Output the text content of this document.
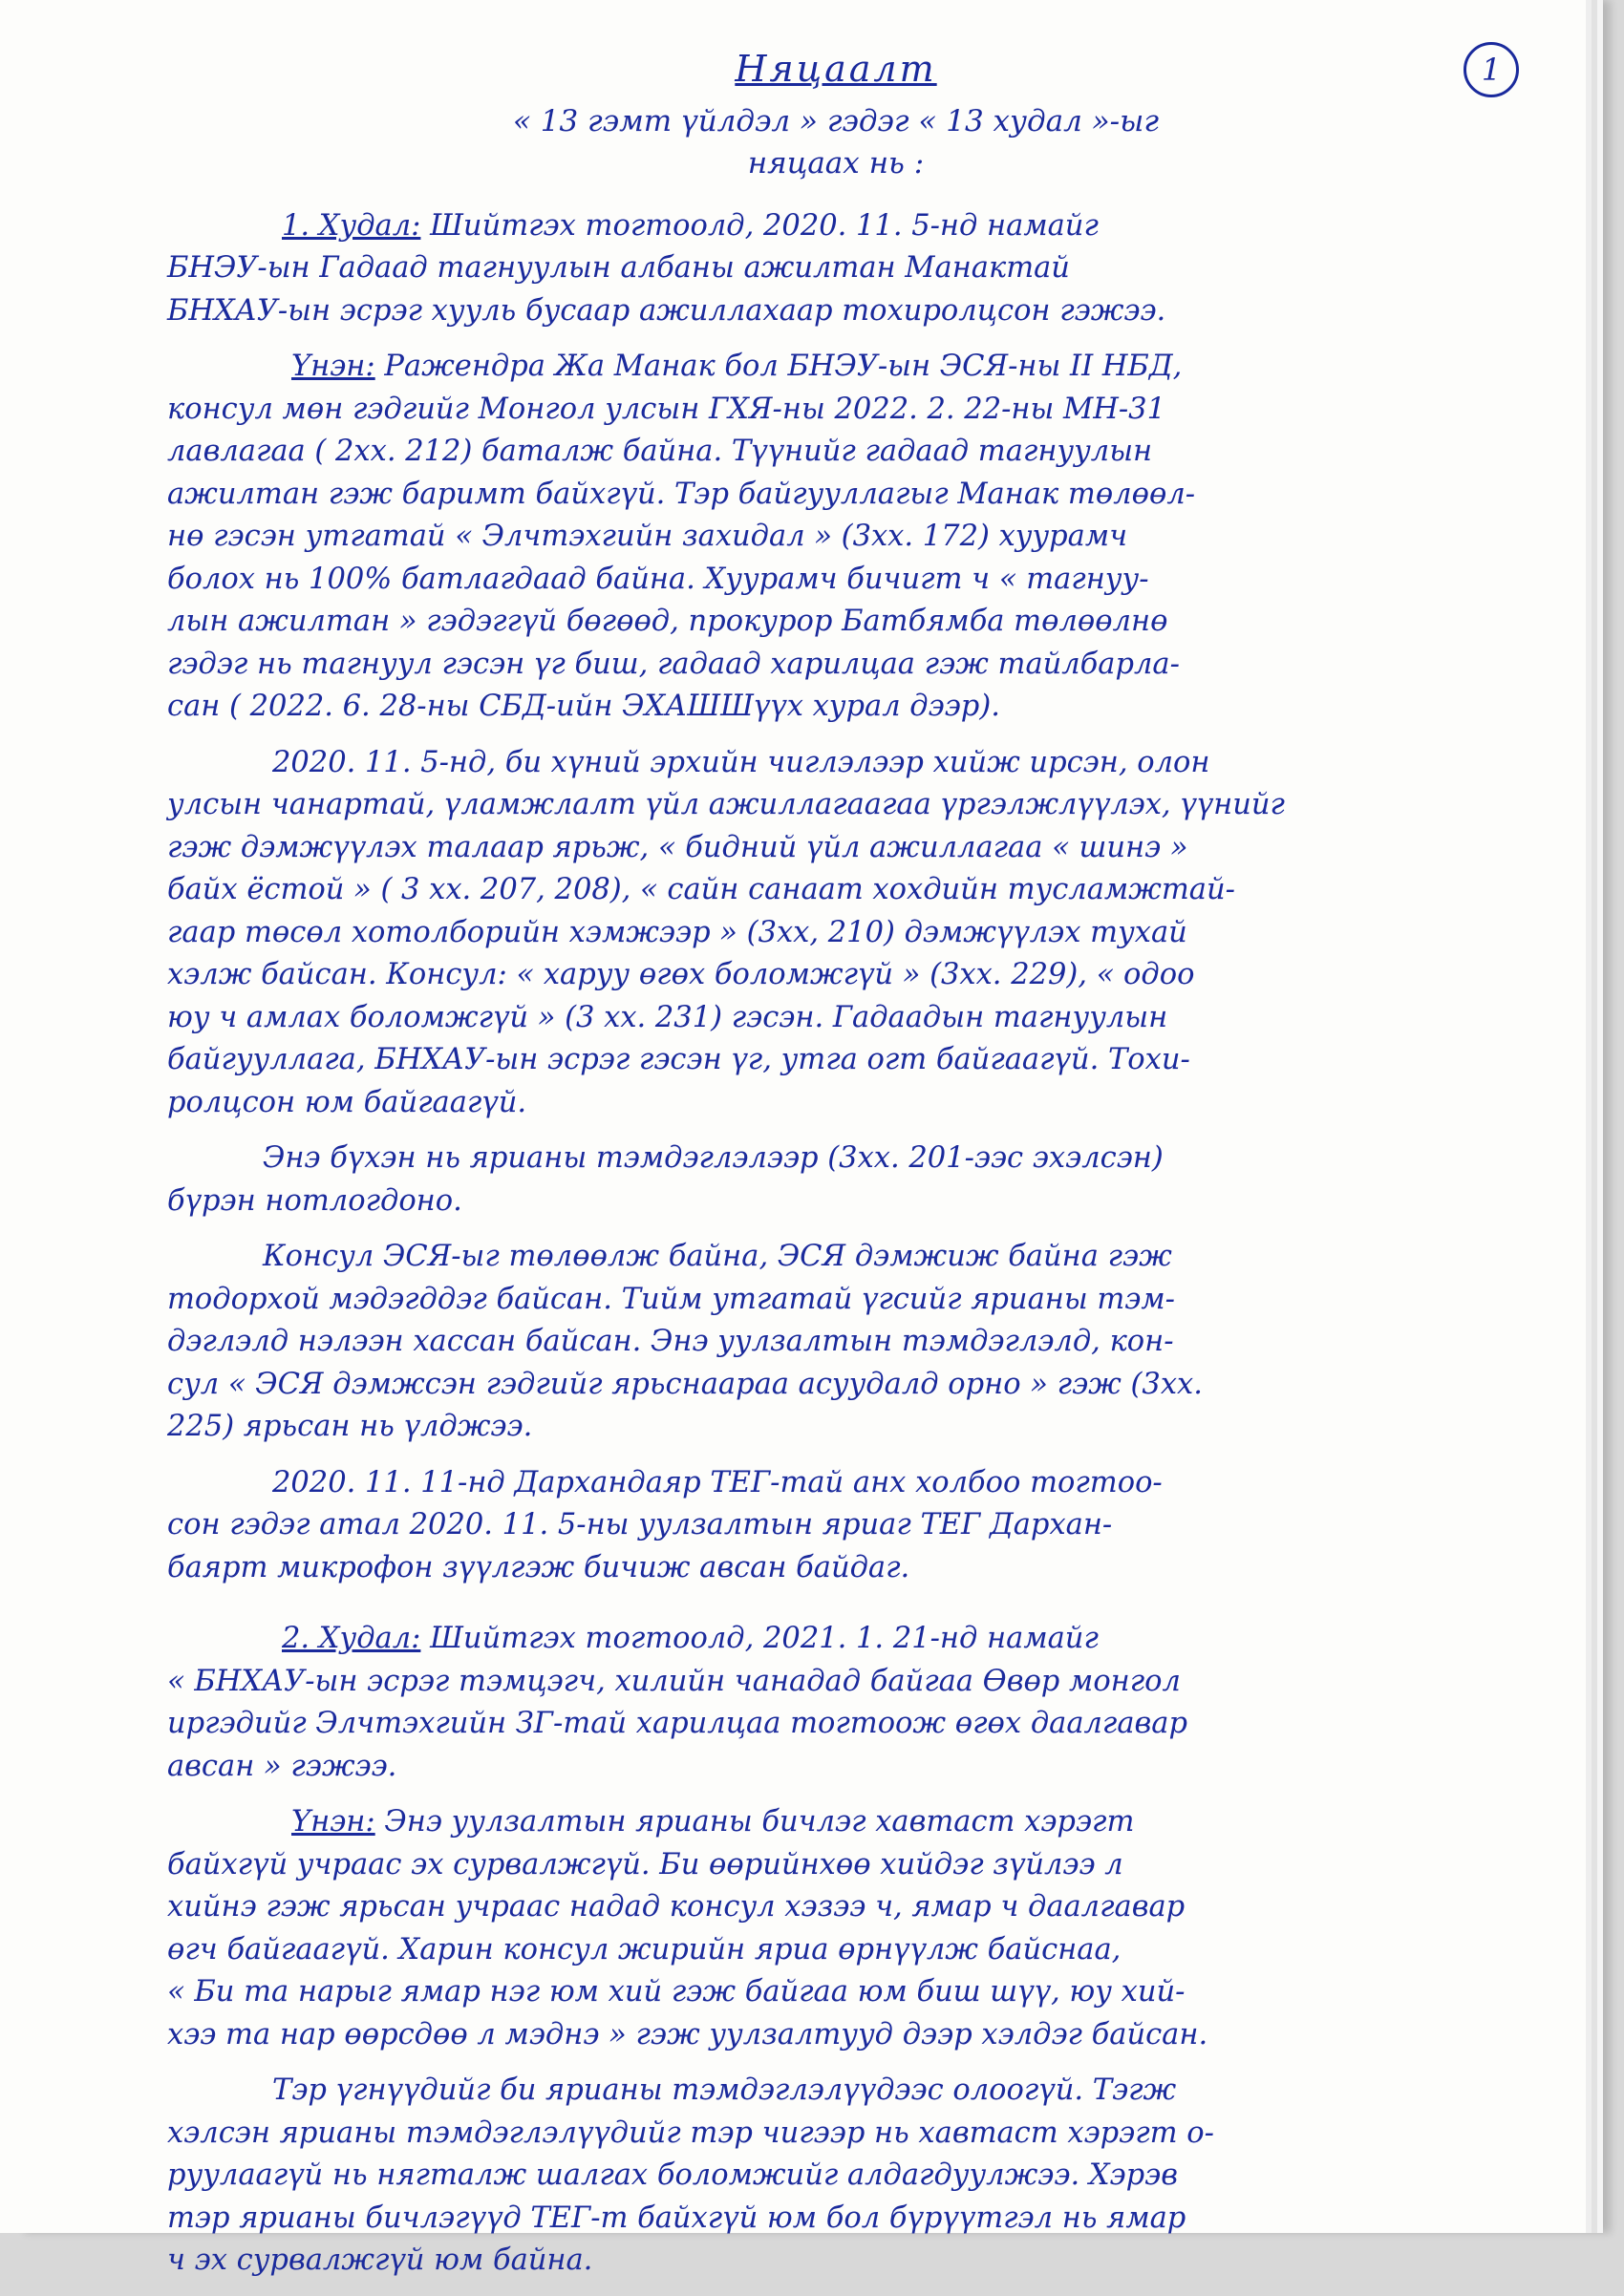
1
Няцаалт
« 13 гэмт үйлдэл » гэдэг « 13 худал »-ыг
няцаах нь :
1. Худал: Шийтгэх тогтоолд, 2020. 11. 5-нд намайг
БНЭУ-ын Гадаад тагнуулын албаны ажилтан Манактай
БНХАУ-ын эсрэг хууль бусаар ажиллахаар тохиролцсон гэжээ.
Үнэн: Ражендра Жа Манак бол БНЭУ-ын ЭСЯ-ны II НБД,
консул мөн гэдгийг Монгол улсын ГХЯ-ны 2022. 2. 22-ны МН-31
лавлагаа ( 2хх. 212) баталж байна. Түүнийг гадаад тагнуулын
ажилтан гэж баримт байхгүй. Тэр байгууллагыг Манак төлөөл-
нө гэсэн утгатай « Элчтэхгийн захидал » (3хх. 172) хуурамч
болох нь 100% батлагдаад байна. Хуурамч бичигт ч « тагнуу-
лын ажилтан » гэдэггүй бөгөөд, прокурор Батбямба төлөөлнө
гэдэг нь тагнуул гэсэн үг биш, гадаад харилцаа гэж тайлбарла-
сан ( 2022. 6. 28-ны СБД-ийн ЭХАШШүүх хурал дээр).
2020. 11. 5-нд, би хүний эрхийн чиглэлээр хийж ирсэн, олон
улсын чанартай, үламжлалт үйл ажиллагаагаа үргэлжлүүлэх, үүнийг
гэж дэмжүүлэх талаар ярьж, « бидний үйл ажиллагаа « шинэ »
байх ёстой » ( 3 хх. 207, 208), « сайн санаат хохдийн тусламжтай-
гаар төсөл хотолборийн хэмжээр » (3хх, 210) дэмжүүлэх тухай
хэлж байсан. Консул: « харуу өгөх боломжгүй » (3хх. 229), « одоо
юу ч амлах боломжгүй » (3 хх. 231) гэсэн. Гадаадын тагнуулын
байгууллага, БНХАУ-ын эсрэг гэсэн үг, утга огт байгаагүй. Тохи-
ролцсон юм байгаагүй.
Энэ бүхэн нь ярианы тэмдэглэлээр (3хх. 201-ээс эхэлсэн)
бүрэн нотлогдоно.
Консул ЭСЯ-ыг төлөөлж байна, ЭСЯ дэмжиж байна гэж
тодорхой мэдэгддэг байсан. Тийм утгатай үгсийг ярианы тэм-
дэглэлд нэлээн хассан байсан. Энэ уулзалтын тэмдэглэлд, кон-
сул « ЭСЯ дэмжсэн гэдгийг ярьснаараа асуудалд орно » гэж (3хх.
225) ярьсан нь үлджээ.
2020. 11. 11-нд Дархандаяр ТЕГ-тай анх холбоо тогтоо-
сон гэдэг атал 2020. 11. 5-ны уулзалтын яриаг ТЕГ Дархан-
баярт микрофон зүүлгэж бичиж авсан байдаг.
2. Худал: Шийтгэх тогтоолд, 2021. 1. 21-нд намайг
« БНХАУ-ын эсрэг тэмцэгч, хилийн чанадад байгаа Өвөр монгол
иргэдийг Элчтэхгийн ЗГ-тай харилцаа тогтоож өгөх даалгавар
авсан » гэжээ.
Үнэн: Энэ уулзалтын ярианы бичлэг хавтаст хэрэгт
байхгүй учраас эх сурвалжгүй. Би өөрийнхөө хийдэг зүйлээ л
хийнэ гэж ярьсан учраас надад консул хэзээ ч, ямар ч даалгавар
өгч байгаагүй. Харин консул жирийн яриа өрнүүлж байснаа,
« Би та нарыг ямар нэг юм хий гэж байгаа юм биш шүү, юу хий-
хээ та нар өөрсдөө л мэднэ » гэж уулзалтууд дээр хэлдэг байсан.
Тэр үгнүүдийг би ярианы тэмдэглэлүүдээс олоогүй. Тэгж
хэлсэн ярианы тэмдэглэлүүдийг тэр чигээр нь хавтаст хэрэгт о-
руулаагүй нь нягталж шалгах боломжийг алдагдуулжээ. Хэрэв
тэр ярианы бичлэгүүд ТЕГ-т байхгүй юм бол бүрүүтгэл нь ямар
ч эх сурвалжгүй юм байна.
